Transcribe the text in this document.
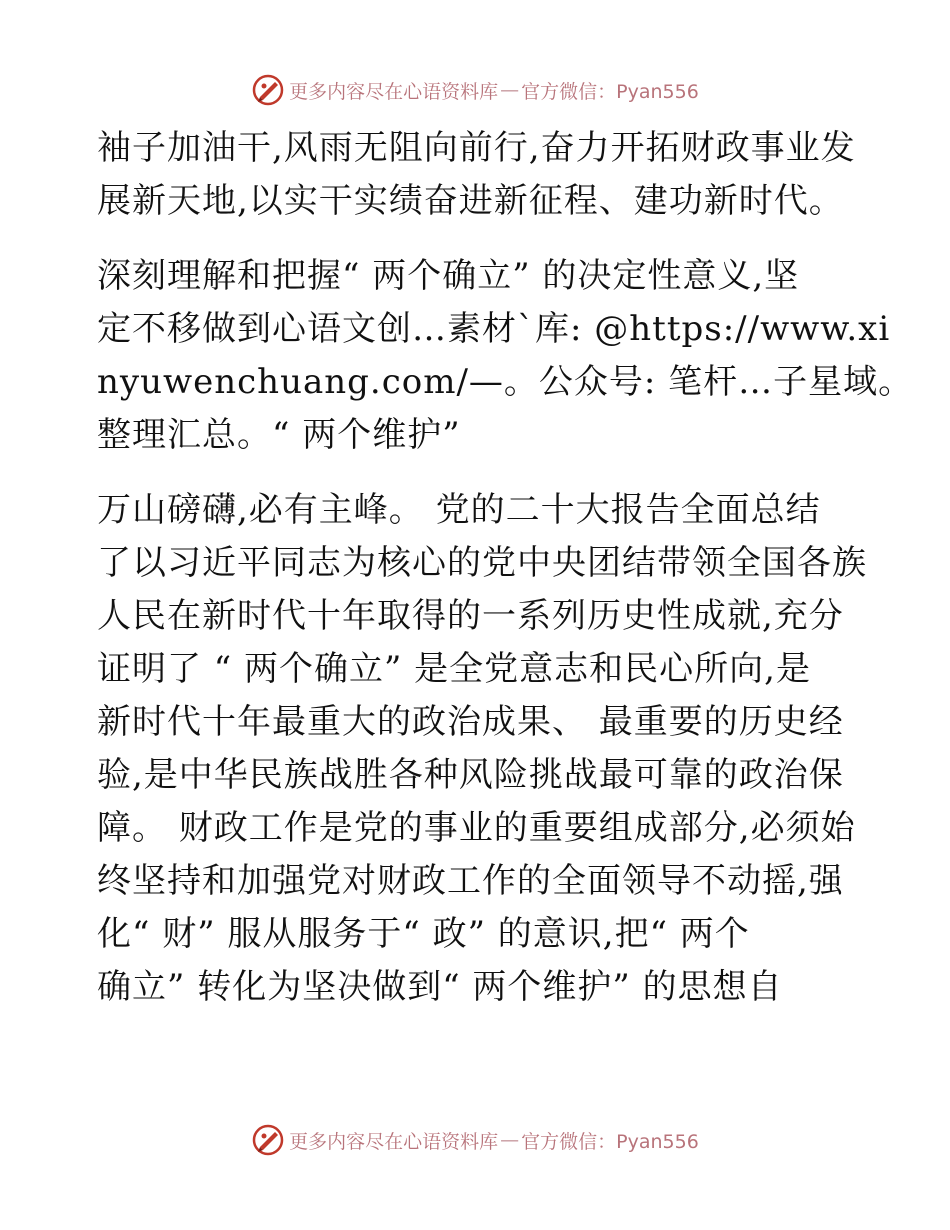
更多内容尽在心语资料库 — 官方微信：Pyan556
袖子加油干,风雨无阻向前行,奋力开拓财政事业发
展新天地,以实干实绩奋进新征程、建功新时代。
深刻理解和把握“ 两个确立” 的决定性意义,坚
定不移做到心语文创…素材`库: @https://www.xi
nyuwenchuang.com/—。公众号: 笔杆…子星域。
整理汇总。“ 两个维护”
万山磅礴,必有主峰。 党的二十大报告全面总结
了以习近平同志为核心的党中央团结带领全国各族
人民在新时代十年取得的一系列历史性成就,充分
证明了 “ 两个确立” 是全党意志和民心所向,是
新时代十年最重大的政治成果、 最重要的历史经
验,是中华民族战胜各种风险挑战最可靠的政治保
障。 财政工作是党的事业的重要组成部分,必须始
终坚持和加强党对财政工作的全面领导不动摇,强
化“ 财” 服从服务于“ 政” 的意识,把“ 两个
确立” 转化为坚决做到“ 两个维护” 的思想自
更多内容尽在心语资料库 — 官方微信：Pyan556
